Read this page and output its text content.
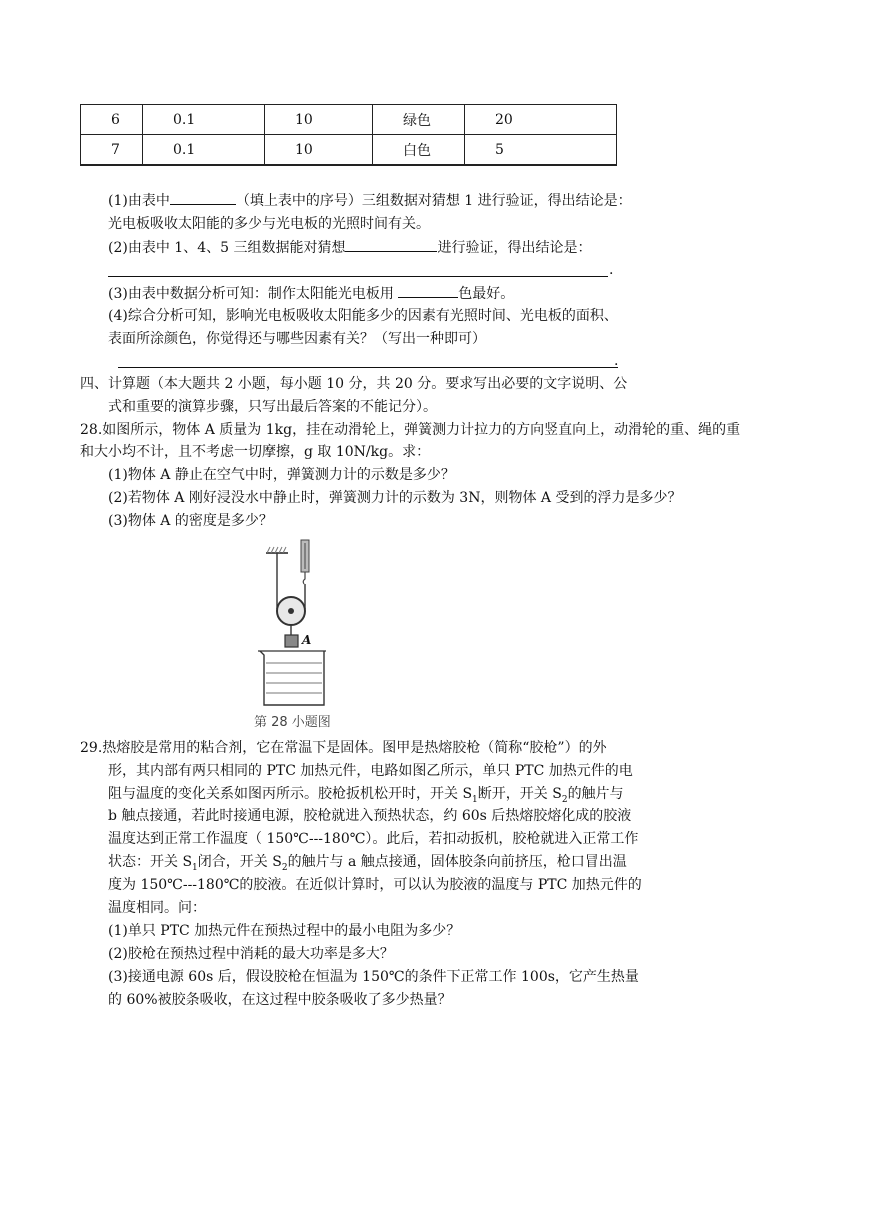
6	0.1	10	绿色	20
7	0.1	10	白色	5
(1)由表中	（填上表中的序号）三组数据对猜想 1 进行验证，得出结论是：
光电板吸收太阳能的多少与光电板的光照时间有关。
(2)由表中 1、4、5 三组数据能对猜想	进行验证，得出结论是：
.
(3)由表中数据分析可知：制作太阳能光电板用	色最好。
(4)综合分析可知，影响光电板吸收太阳能多少的因素有光照时间、光电板的面积、
表面所涂颜色，你觉得还与哪些因素有关？（写出一种即可）
.
四、计算题（本大题共 2 小题，每小题 10 分，共 20 分。要求写出必要的文字说明、公
式和重要的演算步骤，只写出最后答案的不能记分）。
28.如图所示，物体 A 质量为 1kg，挂在动滑轮上，弹簧测力计拉力的方向竖直向上，动滑轮的重、绳的重
和大小均不计，且不考虑一切摩擦，g 取 10N/kg。求：
(1)物体 A 静止在空气中时，弹簧测力计的示数是多少？
(2)若物体 A 刚好浸没水中静止时，弹簧测力计的示数为 3N，则物体 A 受到的浮力是多少？
(3)物体 A 的密度是多少？
A
第 28 小题图
29.热熔胶是常用的粘合剂，它在常温下是固体。图甲是热熔胶枪（简称“胶枪”）的外
形，其内部有两只相同的 PTC 加热元件，电路如图乙所示，单只 PTC 加热元件的电
阻与温度的变化关系如图丙所示。胶枪扳机松开时，开关 $S_1$断开，开关 $S_2$的触片与
b 触点接通，若此时接通电源，胶枪就进入预热状态，约 60s 后热熔胶熔化成的胶液
温度达到正常工作温度（ 150℃---180℃）。此后，若扣动扳机，胶枪就进入正常工作
状态：开关 $S_1$闭合，开关 $S_2$的触片与 a 触点接通，固体胶条向前挤压，枪口冒出温
度为 150℃---180℃的胶液。在近似计算时，可以认为胶液的温度与 PTC 加热元件的
温度相同。问：
(1)单只 PTC 加热元件在预热过程中的最小电阻为多少？
(2)胶枪在预热过程中消耗的最大功率是多大？
(3)接通电源 60s 后，假设胶枪在恒温为 150℃的条件下正常工作 100s，它产生热量
的 60%被胶条吸收，在这过程中胶条吸收了多少热量？
